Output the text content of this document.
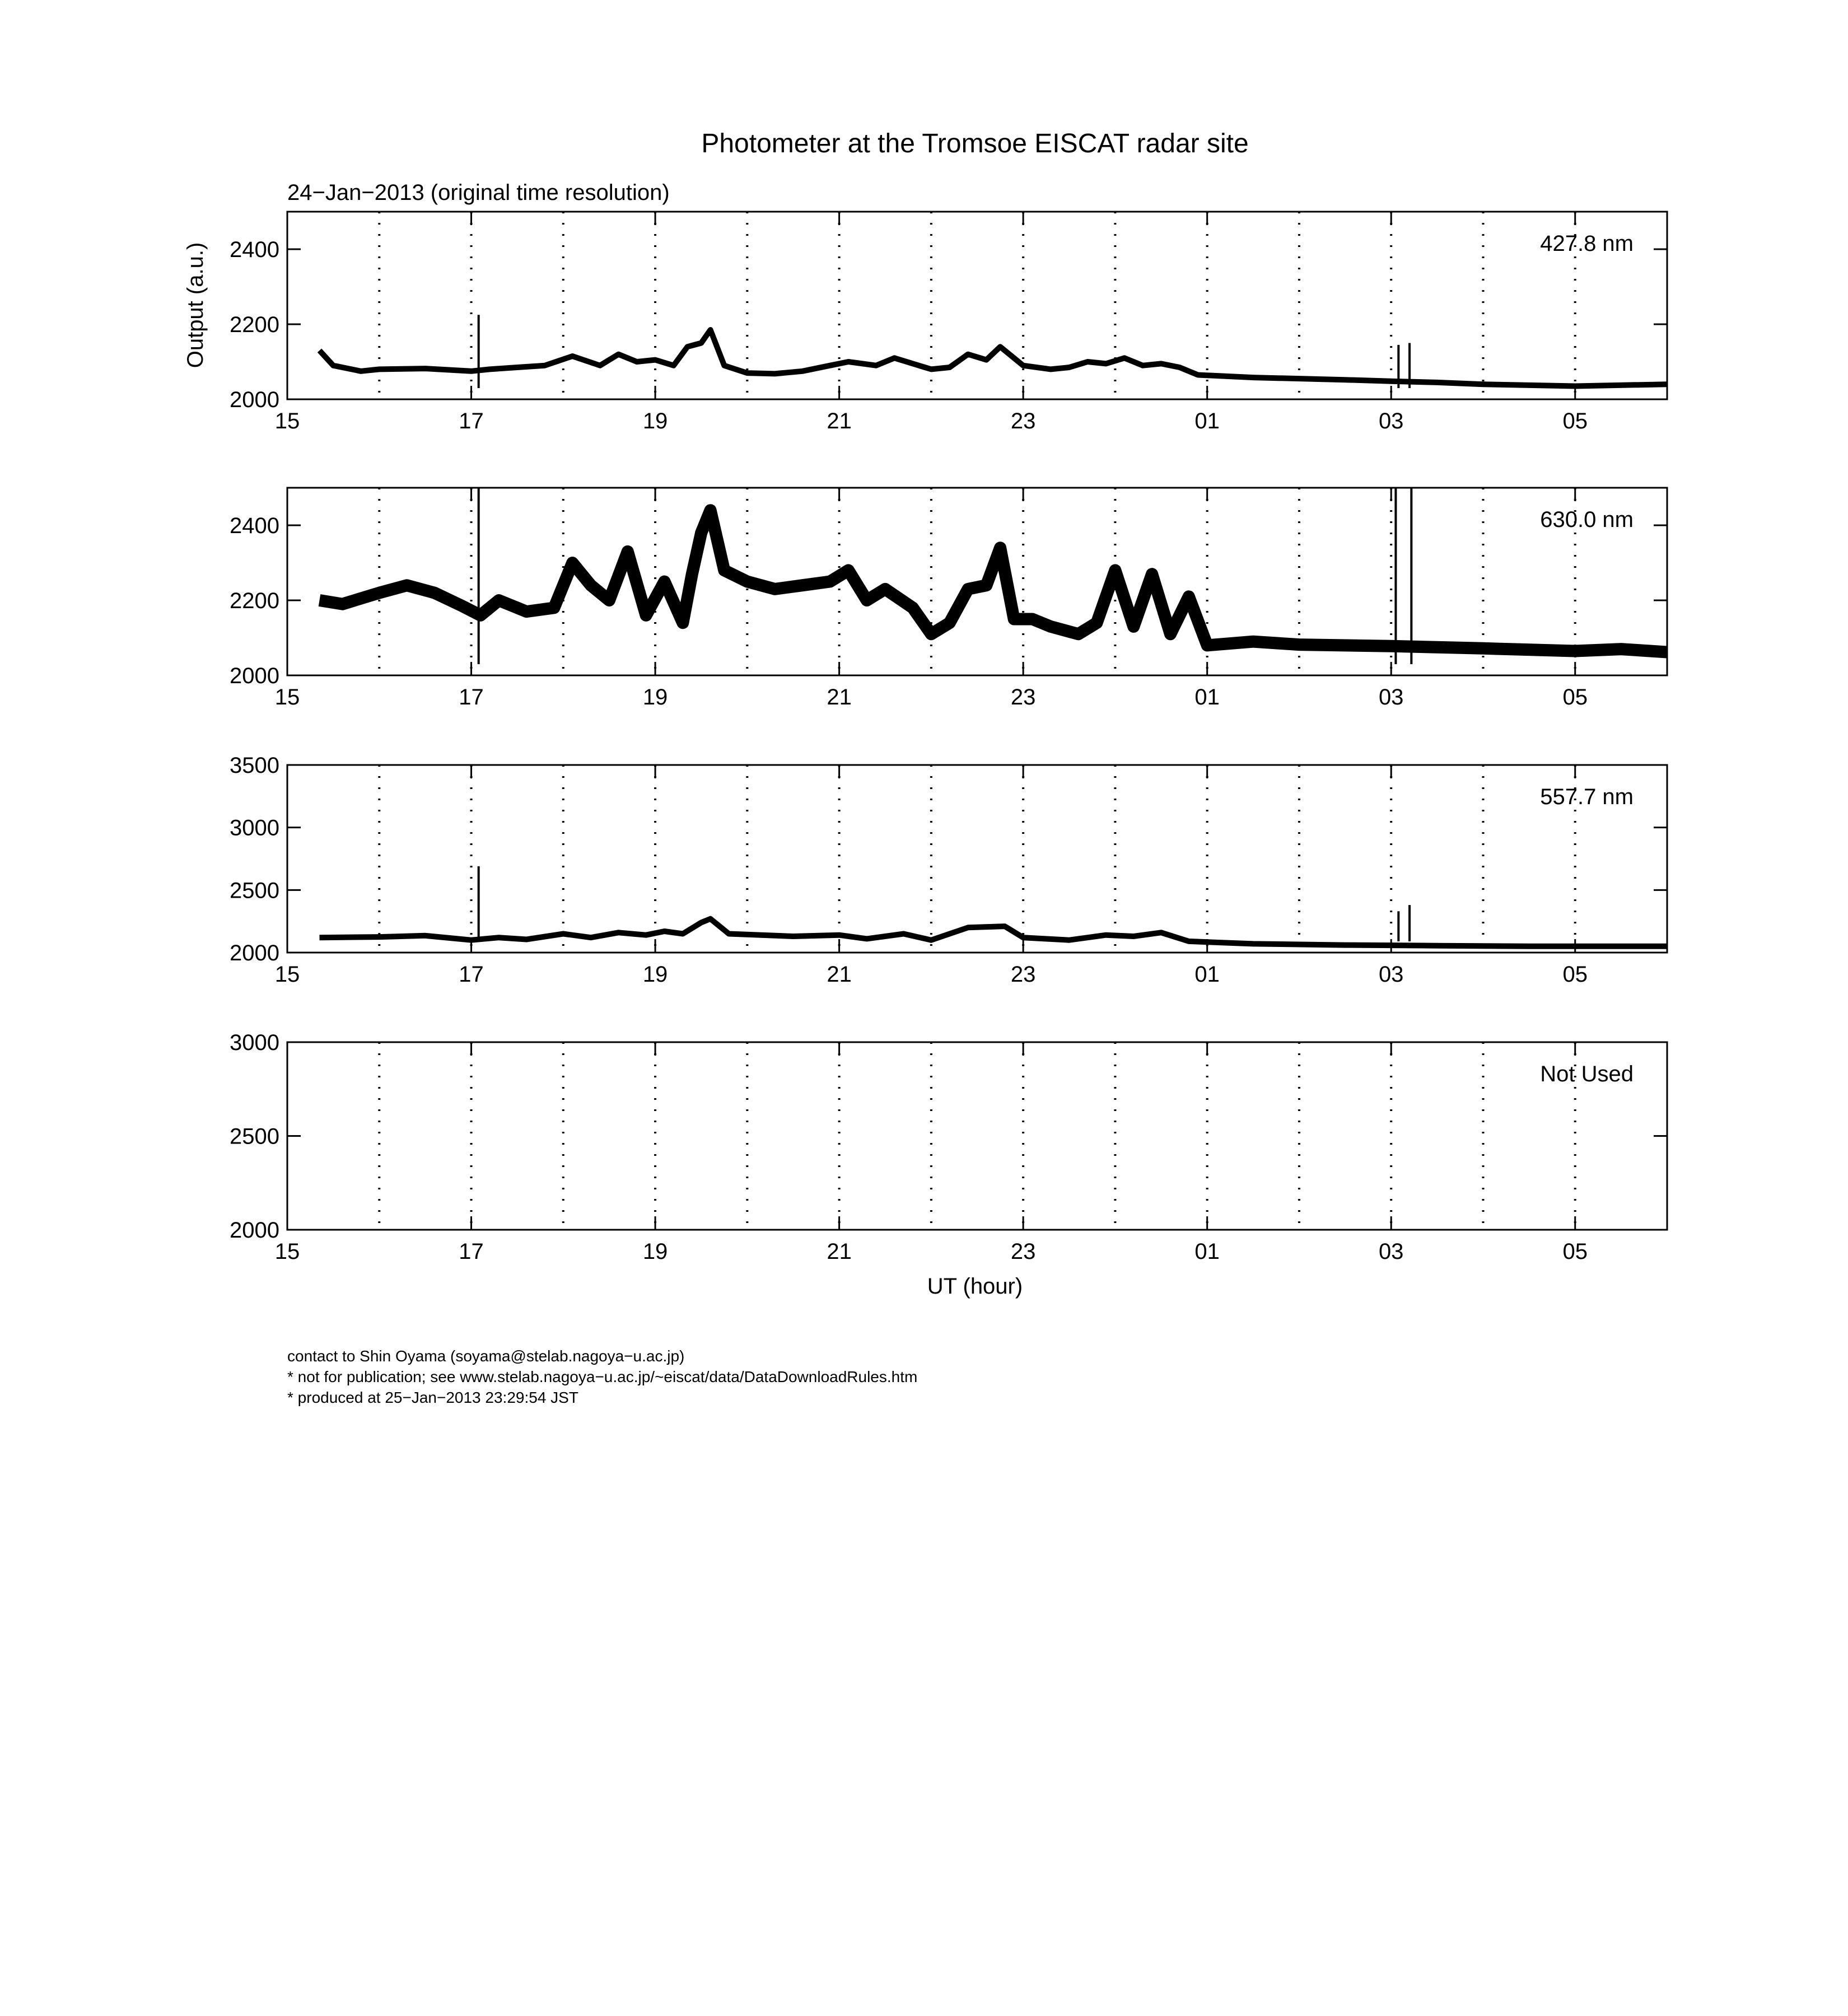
Photometer at the Tromsoe EISCAT radar site
24−Jan−2013 (original time resolution)
Output (a.u.)
UT (hour)
15	17	19	21	23	01	03	05
2000
2200
2400	427.8 nm
15	17	19	21	23	01	03	05
2000
2200
2400	630.0 nm
15	17	19	21	23	01	03	05
2000
2500
3000
3500
557.7 nm
15	17	19	21	23	01	03	05
2000
2500
3000
Not Used
contact to Shin Oyama (soyama@stelab.nagoya−u.ac.jp)
* not for publication; see www.stelab.nagoya−u.ac.jp/~eiscat/data/DataDownloadRules.htm
* produced at 25−Jan−2013 23:29:54 JST
